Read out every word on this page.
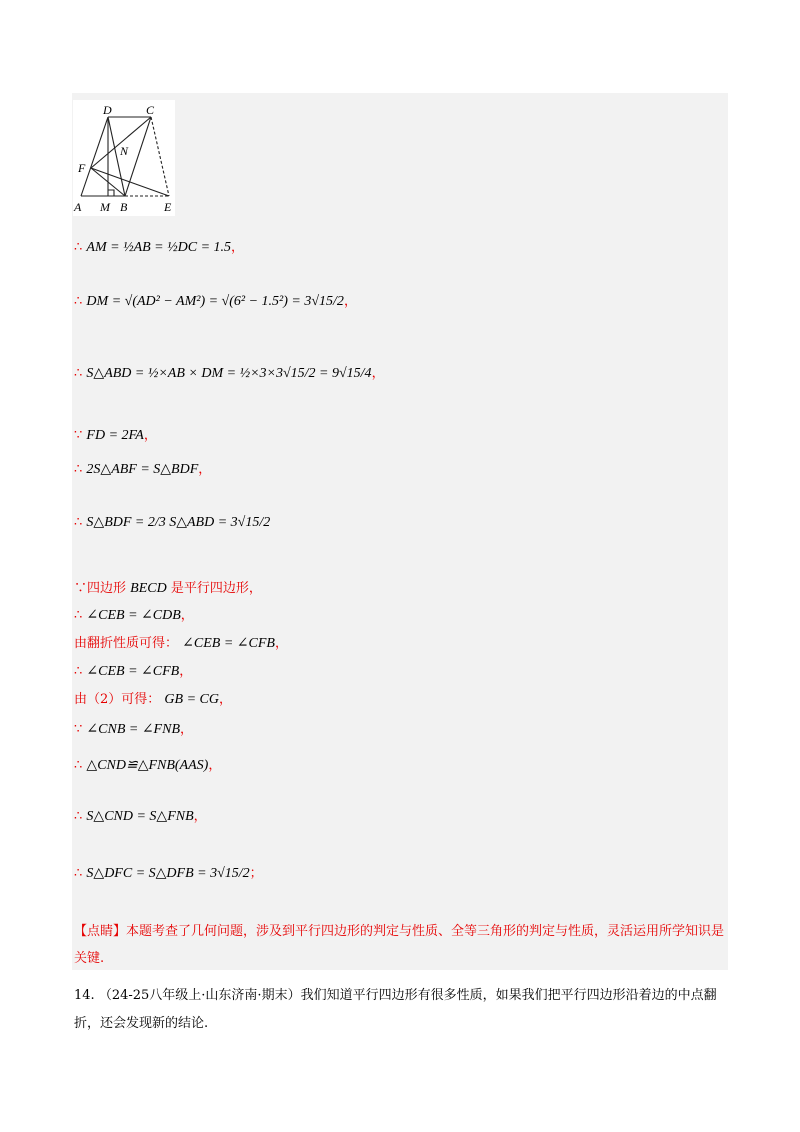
D	C
N
F
A M B	E
∴ AM = ½AB = ½DC = 1.5，
∴ DM = √(AD² − AM²) = √(6² − 1.5²) = 3√15/2，
∴ S△ABD = ½×AB × DM = ½×3×3√15/2 = 9√15/4，
∵ FD = 2FA，
∴ 2S△ABF = S△BDF，
∴ S△BDF = 2/3 S△ABD = 3√15/2
∵四边形 BECD 是平行四边形，
∴ ∠CEB = ∠CDB，
由翻折性质可得： ∠CEB = ∠CFB，
∴ ∠CEB = ∠CFB，
由（2）可得： GB = CG，
∵ ∠CNB = ∠FNB，
∴ △CND≌△FNB(AAS)，
∴ S△CND = S△FNB，
∴ S△DFC = S△DFB = 3√15/2；
【点睛】本题考查了几何问题，涉及到平行四边形的判定与性质、全等三角形的判定与性质，灵活运用所学知识是关键.
14. （24-25八年级上·山东济南·期末）我们知道平行四边形有很多性质，如果我们把平行四边形沿着边的中点翻折，还会发现新的结论.
